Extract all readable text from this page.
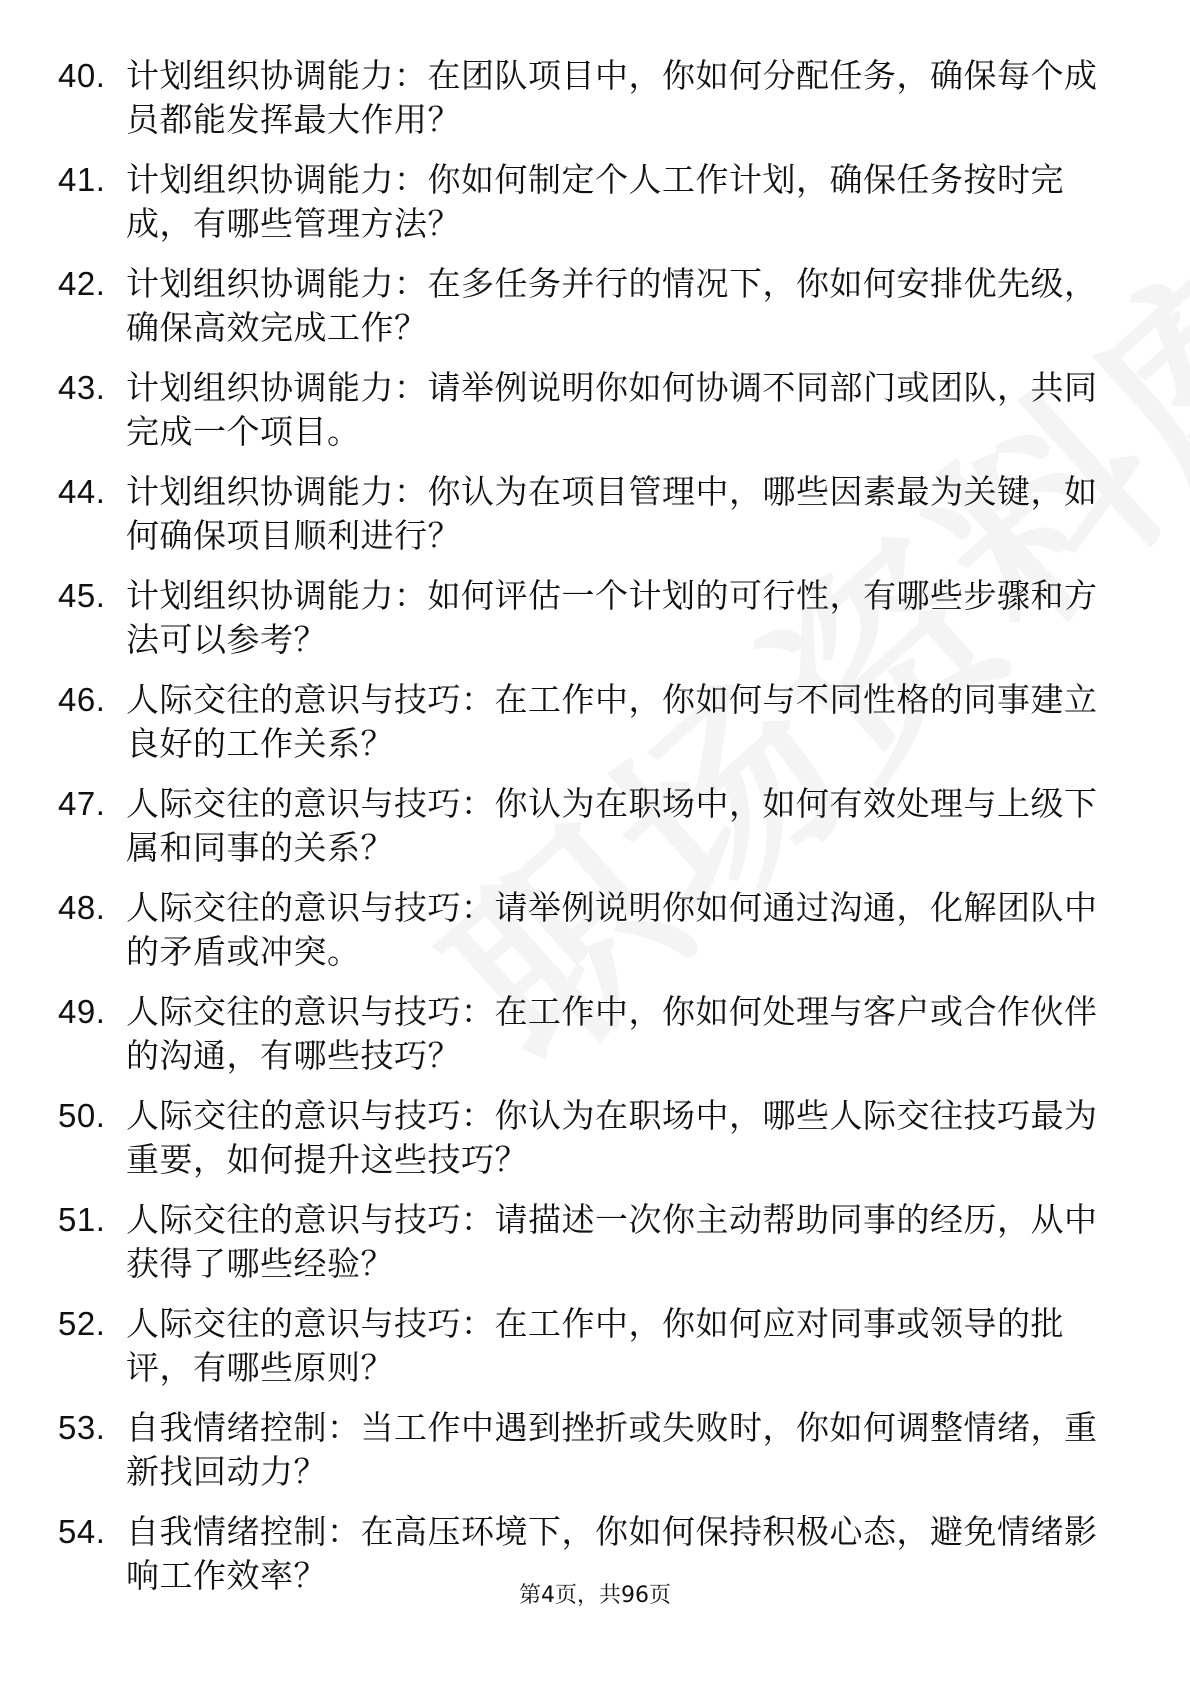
40. 计划组织协调能力：在团队项目中，你如何分配任务，确保每个成员都能发挥最大作用？
41. 计划组织协调能力：你如何制定个人工作计划，确保任务按时完成，有哪些管理方法？
42. 计划组织协调能力：在多任务并行的情况下，你如何安排优先级，确保高效完成工作？
43. 计划组织协调能力：请举例说明你如何协调不同部门或团队，共同完成一个项目。
44. 计划组织协调能力：你认为在项目管理中，哪些因素最为关键，如何确保项目顺利进行？
45. 计划组织协调能力：如何评估一个计划的可行性，有哪些步骤和方法可以参考？
46. 人际交往的意识与技巧：在工作中，你如何与不同性格的同事建立良好的工作关系？
47. 人际交往的意识与技巧：你认为在职场中，如何有效处理与上级下属和同事的关系？
48. 人际交往的意识与技巧：请举例说明你如何通过沟通，化解团队中的矛盾或冲突。
49. 人际交往的意识与技巧：在工作中，你如何处理与客户或合作伙伴的沟通，有哪些技巧？
50. 人际交往的意识与技巧：你认为在职场中，哪些人际交往技巧最为重要，如何提升这些技巧？
51. 人际交往的意识与技巧：请描述一次你主动帮助同事的经历，从中获得了哪些经验？
52. 人际交往的意识与技巧：在工作中，你如何应对同事或领导的批评，有哪些原则？
53. 自我情绪控制：当工作中遇到挫折或失败时，你如何调整情绪，重新找回动力？
54. 自我情绪控制：在高压环境下，你如何保持积极心态，避免情绪影响工作效率？
第4页，共96页
